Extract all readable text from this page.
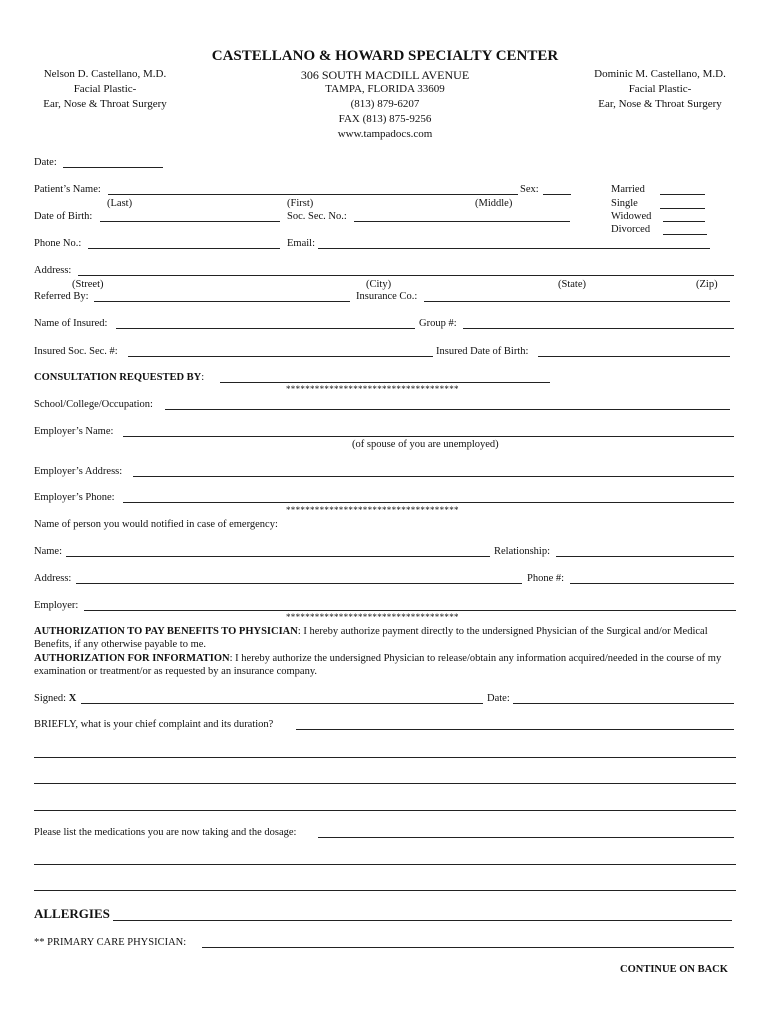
CASTELLANO & HOWARD SPECIALTY CENTER
306 SOUTH MACDILL AVENUE
TAMPA, FLORIDA 33609
(813) 879-6207
FAX (813) 875-9256
www.tampadocs.com
Nelson D. Castellano, M.D.
Facial Plastic-
Ear, Nose & Throat Surgery
Dominic M. Castellano, M.D.
Facial Plastic-
Ear, Nose & Throat Surgery
Date:
Patient’s Name:	Sex:
(Last)	(First)	(Middle)
Married
Single
Widowed
Divorced
Date of Birth:	Soc. Sec. No.:
Phone No.:	Email:
Address:
(Street)	(City)	(State)	(Zip)
Referred By:	Insurance Co.:
Name of Insured:	Group #:
Insured Soc. Sec. #:	Insured Date of Birth:
CONSULTATION REQUESTED BY:
************************************
School/College/Occupation:
Employer’s Name:
(of spouse of you are unemployed)
Employer’s Address:
Employer’s Phone:
************************************
Name of person you would notified in case of emergency:
Name:	Relationship:
Address:	Phone #:
Employer:
************************************
AUTHORIZATION TO PAY BENEFITS TO PHYSICIAN: I hereby authorize payment directly to the undersigned Physician of the Surgical and/or Medical Benefits, if any otherwise payable to me.
AUTHORIZATION FOR INFORMATION: I hereby authorize the undersigned Physician to release/obtain any information acquired/needed in the course of my examination or treatment/or as requested by an insurance company.
Signed: X	Date:
BRIEFLY, what is your chief complaint and its duration?
Please list the medications you are now taking and the dosage:
ALLERGIES
** PRIMARY CARE PHYSICIAN:
CONTINUE ON BACK
